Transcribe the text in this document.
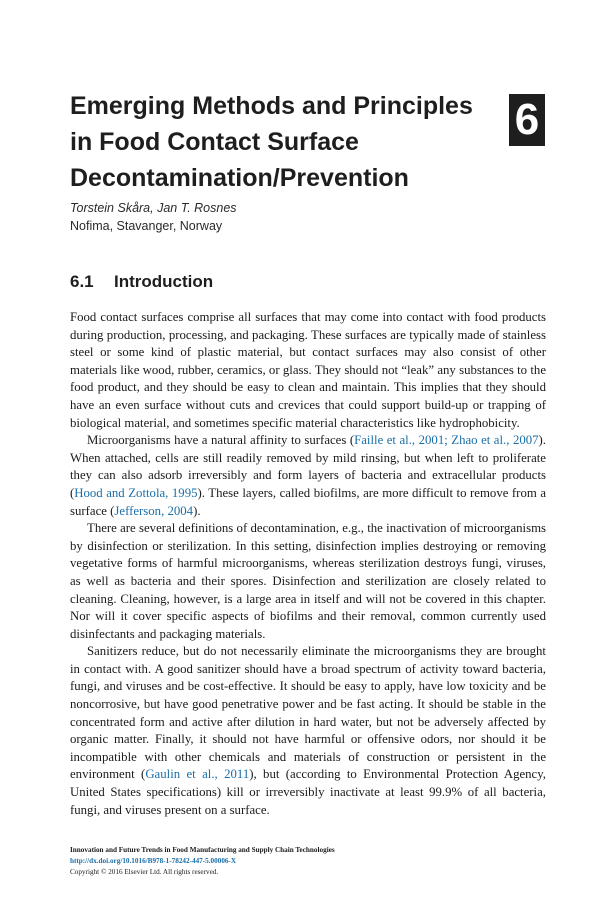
Emerging Methods and Principles
in Food Contact Surface
Decontamination/Prevention
6
Torstein Skåra, Jan T. Rosnes
Nofima, Stavanger, Norway
6.1 Introduction

Food contact surfaces comprise all surfaces that may come into contact with food products during production, processing, and packaging. These surfaces are typically made of stainless steel or some kind of plastic material, but contact surfaces may also consist of other materials like wood, rubber, ceramics, or glass. They should not “leak” any substances to the food product, and they should be easy to clean and maintain. This implies that they should have an even surface without cuts and crevices that could support build-up or trapping of biological material, and sometimes specific material characteristics like hydrophobicity.

Microorganisms have a natural affinity to surfaces (Faille et al., 2001; Zhao et al., 2007). When attached, cells are still readily removed by mild rinsing, but when left to proliferate they can also adsorb irreversibly and form layers of bacteria and extracellular products (Hood and Zottola, 1995). These layers, called biofilms, are more difficult to remove from a surface (Jefferson, 2004).

There are several definitions of decontamination, e.g., the inactivation of microorganisms by disinfection or sterilization. In this setting, disinfection implies destroying or removing vegetative forms of harmful microorganisms, whereas sterilization destroys fungi, viruses, as well as bacteria and their spores. Disinfection and sterilization are closely related to cleaning. Cleaning, however, is a large area in itself and will not be covered in this chapter. Nor will it cover specific aspects of biofilms and their removal, common currently used disinfectants and packaging materials.

Sanitizers reduce, but do not necessarily eliminate the microorganisms they are brought in contact with. A good sanitizer should have a broad spectrum of activity toward bacteria, fungi, and viruses and be cost-effective. It should be easy to apply, have low toxicity and be noncorrosive, but have good penetrative power and be fast acting. It should be stable in the concentrated form and active after dilution in hard water, but not be adversely affected by organic matter. Finally, it should not have harmful or offensive odors, nor should it be incompatible with other chemicals and materials of construction or persistent in the environment (Gaulin et al., 2011), but (according to Environmental Protection Agency, United States specifications) kill or irreversibly inactivate at least 99.9% of all bacteria, fungi, and viruses present on a surface.

Innovation and Future Trends in Food Manufacturing and Supply Chain Technologies
http://dx.doi.org/10.1016/B978-1-78242-447-5.00006-X
Copyright © 2016 Elsevier Ltd. All rights reserved.
